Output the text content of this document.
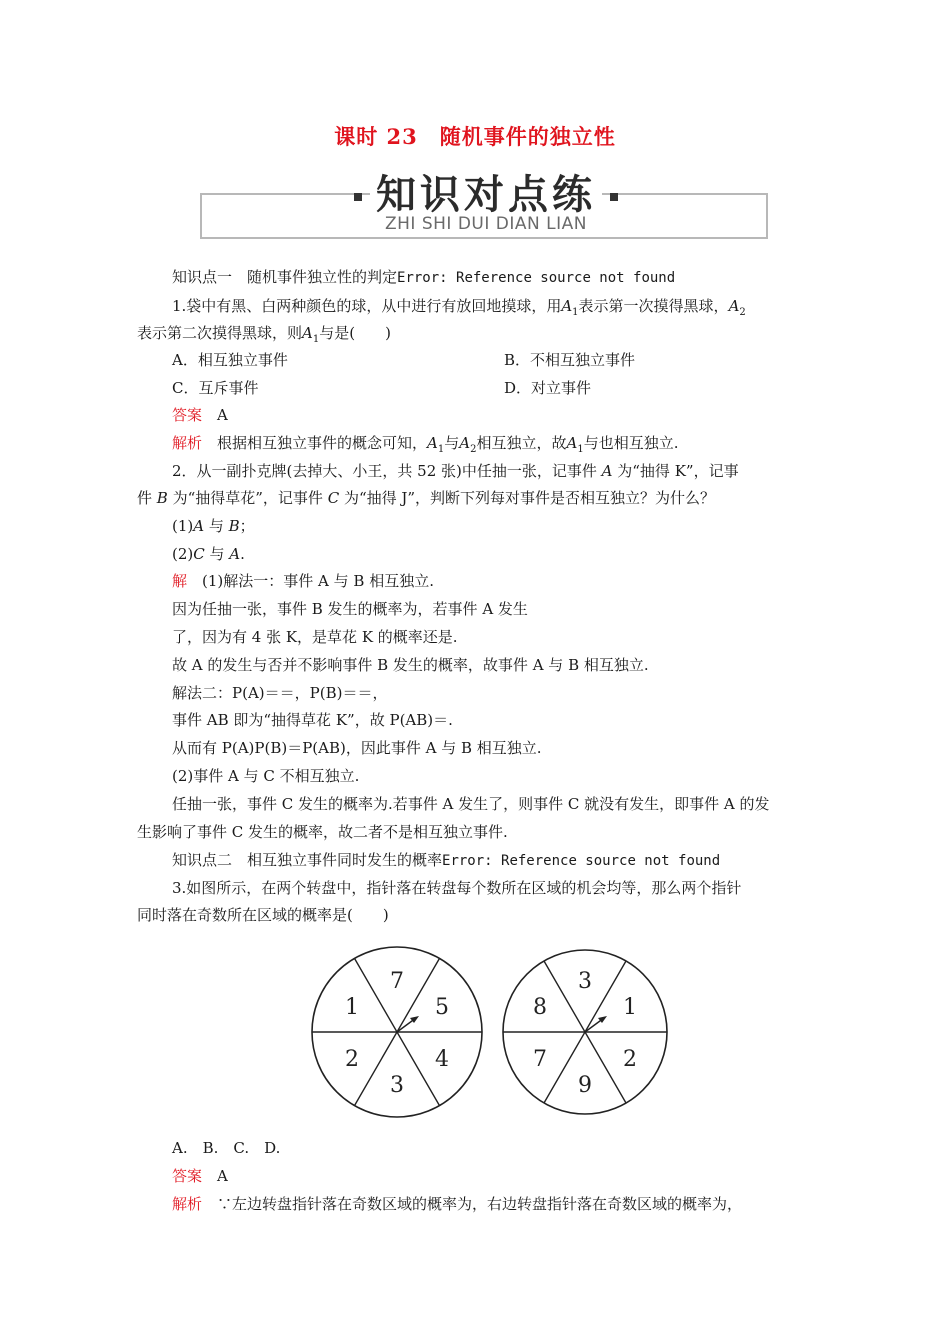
课时 23　随机事件的独立性
知识对点练
ZHI SHI DUI DIAN LIAN
知识点一　随机事件独立性的判定Error: Reference source not found
1.袋中有黑、白两种颜色的球，从中进行有放回地摸球，用$A_1$表示第一次摸得黑球，$A_2$
表示第二次摸得黑球，则$A_1$与是(　　)
A．相互独立事件	B．不相互独立事件
C．互斥事件	D．对立事件
答案　 A
解析　 根据相互独立事件的概念可知，$A_1$与$A_2$相互独立，故$A_1$与也相互独立.
2．从一副扑克牌(去掉大、小王，共 52 张)中任抽一张，记事件 A 为“抽得 K”，记事
件 B 为“抽得草花”，记事件 C 为“抽得 J”，判断下列每对事件是否相互独立？为什么？
(1)A 与 B；
(2)C 与 A.
解　 (1)解法一：事件 A 与 B 相互独立.
因为任抽一张，事件 B 发生的概率为，若事件 A 发生
了，因为有 4 张 K，是草花 K 的概率还是.
故 A 的发生与否并不影响事件 B 发生的概率，故事件 A 与 B 相互独立.
解法二：P(A)＝＝，P(B)＝＝，
事件 AB 即为“抽得草花 K”，故 P(AB)＝.
从而有 P(A)P(B)＝P(AB)，因此事件 A 与 B 相互独立.
(2)事件 A 与 C 不相互独立.
任抽一张，事件 C 发生的概率为.若事件 A 发生了，则事件 C 就没有发生，即事件 A 的发
生影响了事件 C 发生的概率，故二者不是相互独立事件.
知识点二　相互独立事件同时发生的概率Error: Reference source not found
3.如图所示，在两个转盘中，指针落在转盘每个数所在区域的机会均等，那么两个指针
同时落在奇数所在区域的概率是(　　)
1
7
5
4
3
2
8
3
1
2
9
7
A.　B.　C.　D.
答案　 A
解析　 ∵左边转盘指针落在奇数区域的概率为，右边转盘指针落在奇数区域的概率为，
